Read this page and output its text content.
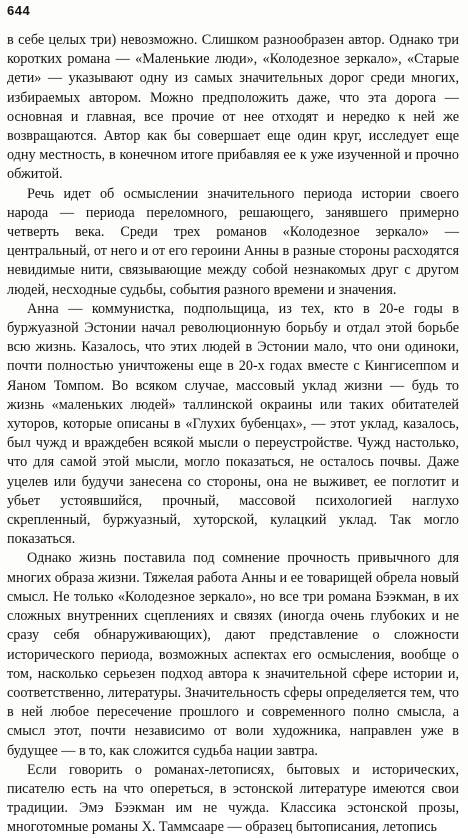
644

в себе целых три) невозможно. Слишком разнообразен автор. Однако три коротких романа — «Маленькие люди», «Колодезное зеркало», «Старые дети» — указывают одну из самых значительных дорог среди многих, избираемых автором. Можно предположить даже, что эта дорога — основная и главная, все прочие от нее отходят и нередко к ней же возвращаются. Автор как бы совершает еще один круг, исследует еще одну местность, в конечном итоге прибавляя ее к уже изученной и прочно обжитой.

Речь идет об осмыслении значительного периода истории своего народа — периода переломного, решающего, занявшего примерно четверть века. Среди трех романов «Колодезное зеркало» — центральный, от него и от его героини Анны в разные стороны расходятся невидимые нити, связывающие между собой незнакомых друг с другом людей, несходные судьбы, события разного времени и значения.

Анна — коммунистка, подпольщица, из тех, кто в 20-е годы в буржуазной Эстонии начал революционную борьбу и отдал этой борьбе всю жизнь. Казалось, что этих людей в Эстонии мало, что они одиноки, почти полностью уничтожены еще в 20-х годах вместе с Кингисеппом и Яаном Томпом. Во всяком случае, массовый уклад жизни — будь то жизнь «маленьких людей» таллинской окраины или таких обитателей хуторов, которые описаны в «Глухих бубенцах», — этот уклад, казалось, был чужд и враждебен всякой мысли о переустройстве. Чужд настолько, что для самой этой мысли, могло показаться, не осталось почвы. Даже уцелев или будучи занесена со стороны, она не выживет, ее поглотит и убьет устоявшийся, прочный, массовой психологией наглухо скрепленный, буржуазный, хуторской, кулацкий уклад. Так могло показаться.

Однако жизнь поставила под сомнение прочность привычного для многих образа жизни. Тяжелая работа Анны и ее товарищей обрела новый смысл. Не только «Колодезное зеркало», но все три романа Бээкман, в их сложных внутренних сцеплениях и связях (иногда очень глубоких и не сразу себя обнаруживающих), дают представление о сложности исторического периода, возможных аспектах его осмысления, вообще о том, насколько серьезен подход автора к значительной сфере истории и, соответственно, литературы. Значительность сферы определяется тем, что в ней любое пересечение прошлого и современного полно смысла, а смысл этот, почти независимо от воли художника, направлен уже в будущее — в то, как сложится судьба нации завтра.

Если говорить о романах-летописях, бытовых и исторических, писателю есть на что опереться, в эстонской литературе имеются свои традиции. Эмэ Бээкман им не чужда. Классика эстонской прозы, многотомные романы Х. Таммсааре — образец бытописания, летопись
